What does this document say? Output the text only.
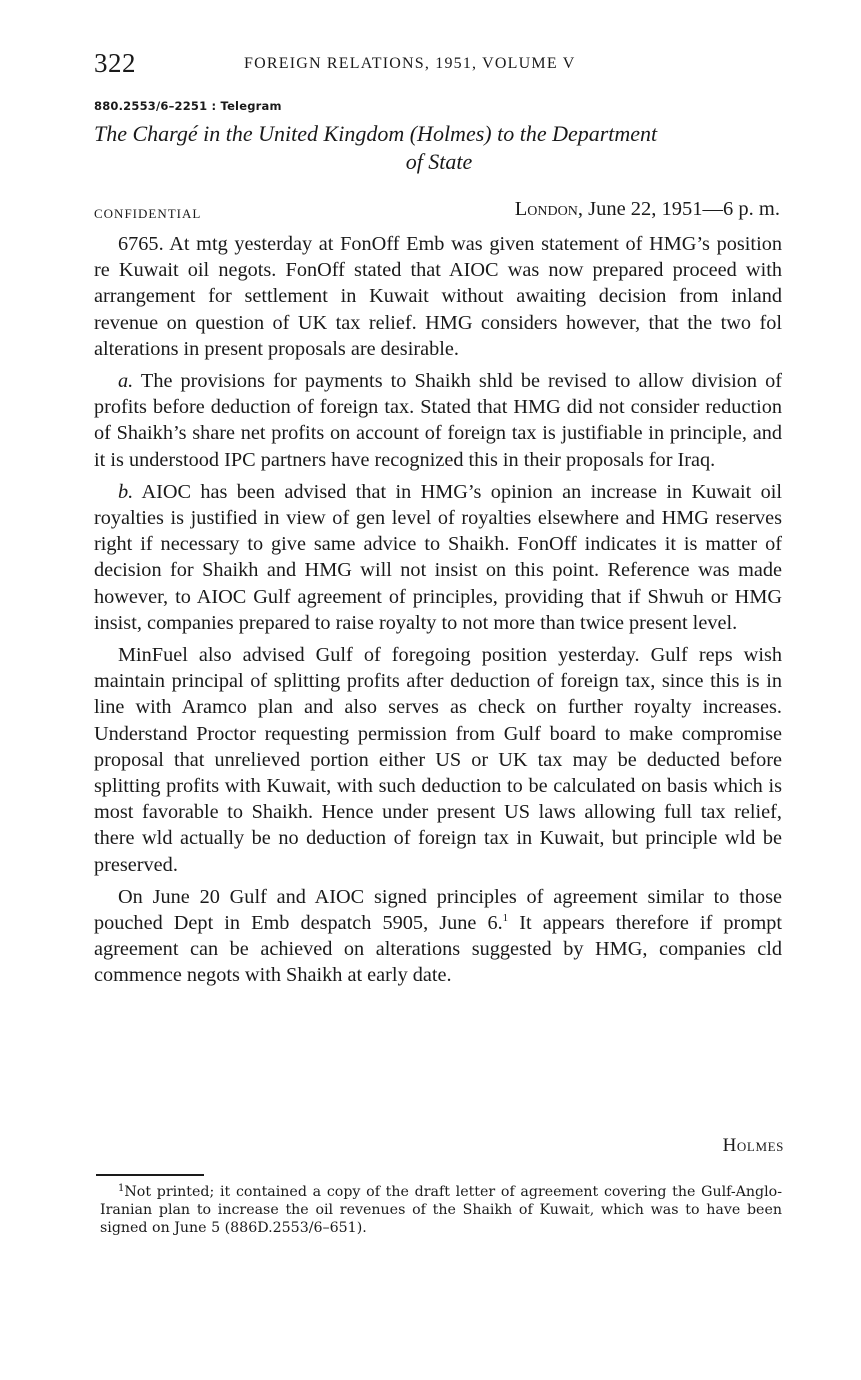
322	FOREIGN RELATIONS, 1951, VOLUME V
880.2553/6–2251 : Telegram
The Chargé in the United Kingdom (Holmes) to the Department
of State
CONFIDENTIAL	London, June 22, 1951—6 p. m.

6765. At mtg yesterday at FonOff Emb was given statement of HMG’s position re Kuwait oil negots. FonOff stated that AIOC was now prepared proceed with arrangement for settlement in Kuwait without awaiting decision from inland revenue on question of UK tax relief. HMG considers however, that the two fol alterations in present proposals are desirable.

a. The provisions for payments to Shaikh shld be revised to allow division of profits before deduction of foreign tax. Stated that HMG did not consider reduction of Shaikh’s share net profits on account of foreign tax is justifiable in principle, and it is understood IPC partners have recognized this in their proposals for Iraq.

b. AIOC has been advised that in HMG’s opinion an increase in Kuwait oil royalties is justified in view of gen level of royalties elsewhere and HMG reserves right if necessary to give same advice to Shaikh. FonOff indicates it is matter of decision for Shaikh and HMG will not insist on this point. Reference was made however, to AIOC Gulf agreement of principles, providing that if Shwuh or HMG insist, companies prepared to raise royalty to not more than twice present level.

MinFuel also advised Gulf of foregoing position yesterday. Gulf reps wish maintain principal of splitting profits after deduction of foreign tax, since this is in line with Aramco plan and also serves as check on further royalty increases. Understand Proctor requesting permission from Gulf board to make compromise proposal that unrelieved portion either US or UK tax may be deducted before splitting profits with Kuwait, with such deduction to be calculated on basis which is most favorable to Shaikh. Hence under present US laws allowing full tax relief, there wld actually be no deduction of foreign tax in Kuwait, but principle wld be preserved.

On June 20 Gulf and AIOC signed principles of agreement similar to those pouched Dept in Emb despatch 5905, June 6.$^1$ It appears therefore if prompt agreement can be achieved on alterations suggested by HMG, companies cld commence negots with Shaikh at early date.

Holmes

$^1$Not printed; it contained a copy of the draft letter of agreement covering the Gulf-Anglo-Iranian plan to increase the oil revenues of the Shaikh of Kuwait, which was to have been signed on June 5 (886D.2553/6–651).
